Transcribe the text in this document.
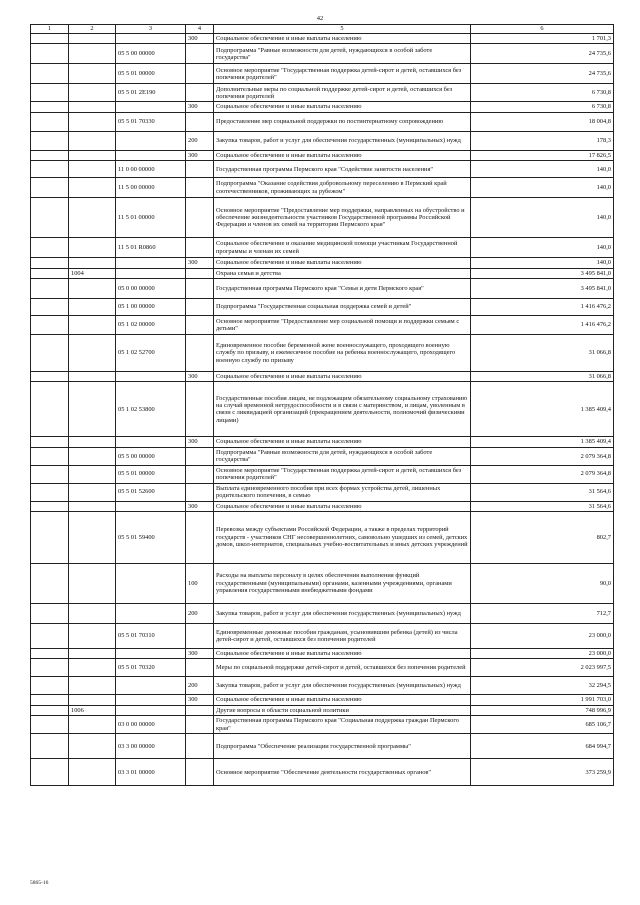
42
1	2	3	4	5	6
			300	Социальное обеспечение и иные выплаты населению	1 701,3
		05 5 00 00000		Подпрограмма "Равные возможности для детей, нуждающихся в особой заботе государства"	24 735,6
		05 5 01 00000		Основное мероприятие "Государственная поддержка детей-сирот и детей, оставшихся без попечения родителей"	24 735,6
		05 5 01 2Е190		Дополнительные меры по социальной поддержке детей-сирот и детей, оставшихся без попечения родителей	6 730,8
			300	Социальное обеспечение и иные выплаты населению	6 730,8
		05 5 01 70330		Предоставление мер социальной поддержки по постинтернатному сопровождению	18 004,8
			200	Закупка товаров, работ и услуг для обеспечения государственных (муниципальных) нужд	178,3
			300	Социальное обеспечение и иные выплаты населению	17 826,5
		11 0 00 00000		Государственная программа Пермского края "Содействие занятости населения"	140,0
		11 5 00 00000		Подпрограмма "Оказание содействия добровольному переселению в Пермский край соотечественников, проживающих за рубежом"	140,0
		11 5 01 00000		Основное мероприятие "Предоставление мер поддержки, направленных на обустройство и обеспечение жизнедеятельности участников Государственной программы Российской Федерации и членов их семей на территории Пермского края"	140,0
		11 5 01 R0860		Социальное обеспечение и оказание медицинской помощи участникам Государственной программы и членам их семей	140,0
			300	Социальное обеспечение и иные выплаты населению	140,0
	1004			Охрана семьи и детства	3 495 841,0
		05 0 00 00000		Государственная программа Пермского края "Семья и дети Пермского края"	3 495 841,0
		05 1 00 00000		Подпрограмма "Государственная социальная поддержка семей и детей"	1 416 476,2
		05 1 02 00000		Основное мероприятие "Предоставление мер социальной помощи и поддержки семьям с детьми"	1 416 476,2
		05 1 02 52700		Единовременное пособие беременной жене военнослужащего, проходящего военную службу по призыву, и ежемесячное пособие на ребенка военнослужащего, проходящего военную службу по призыву	31 066,8
			300	Социальное обеспечение и иные выплаты населению	31 066,8
		05 1 02 53800		Государственные пособия лицам, не подлежащим обязательному социальному страхованию на случай временной нетрудоспособности и в связи с материнством, и лицам, уволенным в связи с ликвидацией организаций (прекращением деятельности, полномочий физическими лицами)	1 385 409,4
			300	Социальное обеспечение и иные выплаты населению	1 385 409,4
		05 5 00 00000		Подпрограмма "Равные возможности для детей, нуждающихся в особой заботе государства"	2 079 364,8
		05 5 01 00000		Основное мероприятие "Государственная поддержка детей-сирот и детей, оставшихся без попечения родителей"	2 079 364,8
		05 5 01 52600		Выплата единовременного пособия при всех формах устройства детей, лишенных родительского попечения, в семью	31 564,6
			300	Социальное обеспечение и иные выплаты населению	31 564,6
		05 5 01 59400		Перевозка между субъектами Российской Федерации, а также в пределах территорий государств - участников СНГ несовершеннолетних, самовольно ушедших из семей, детских домов, школ-интернатов, специальных учебно-воспитательных и иных детских учреждений	802,7
			100	Расходы на выплаты персоналу в целях обеспечения выполнения функций государственными (муниципальными) органами, казенными учреждениями, органами управления государственными внебюджетными фондами	90,0
			200	Закупка товаров, работ и услуг для обеспечения государственных (муниципальных) нужд	712,7
		05 5 01 70310		Единовременные денежные пособия гражданам, усыновившим ребенка (детей) из числа детей-сирот и детей, оставшихся без попечения родителей	23 000,0
			300	Социальное обеспечение и иные выплаты населению	23 000,0
		05 5 01 70320		Меры по социальной поддержке детей-сирот и детей, оставшихся без попечения родителей	2 023 997,5
			200	Закупка товаров, работ и услуг для обеспечения государственных (муниципальных) нужд	32 294,5
			300	Социальное обеспечение и иные выплаты населению	1 991 703,0
	1006			Другие вопросы в области социальной политики	748 996,9
		03 0 00 00000		Государственная программа Пермского края "Социальная поддержка граждан Пермского края"	685 106,7
		03 3 00 00000		Подпрограмма "Обеспечение реализации государственной программы"	684 994,7
		03 3 01 00000		Основное мероприятие "Обеспечение деятельности государственных органов"	373 259,9
5865-16
